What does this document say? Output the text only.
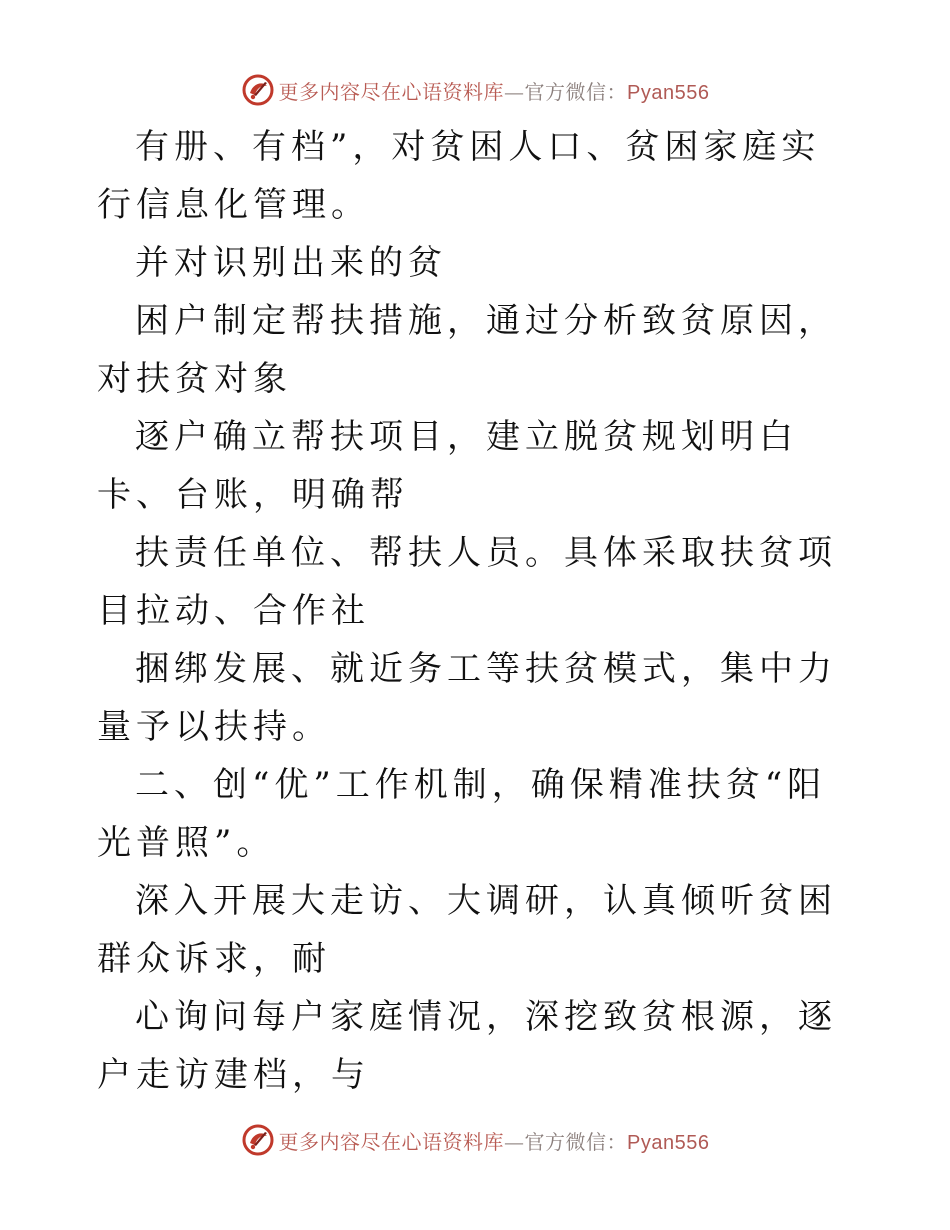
更多内容尽在心语资料库—官方微信：Pyan556

有册、有档”，对贫困人口、贫困家庭实行信息化管理。

并对识别出来的贫

困户制定帮扶措施，通过分析致贫原因，对扶贫对象

逐户确立帮扶项目，建立脱贫规划明白卡、台账，明确帮

扶责任单位、帮扶人员。具体采取扶贫项目拉动、合作社

捆绑发展、就近务工等扶贫模式，集中力量予以扶持。

二、创“优”工作机制，确保精准扶贫“阳光普照”。

深入开展大走访、大调研，认真倾听贫困群众诉求，耐

心询问每户家庭情况，深挖致贫根源，逐户走访建档，与

更多内容尽在心语资料库—官方微信：Pyan556
